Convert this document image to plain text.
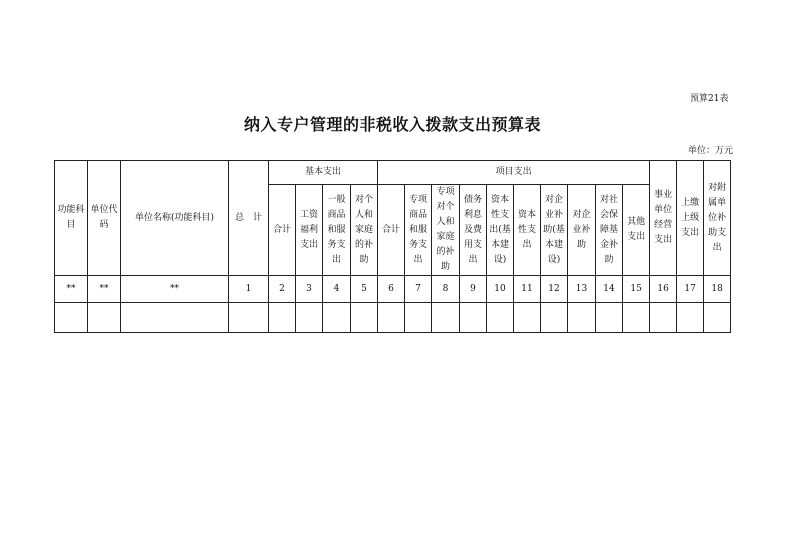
预算21表
纳入专户管理的非税收入拨款支出预算表
单位：万元
功能科目	单位代码	单位名称(功能科目)	总　计	基本支出				项目支出										事业单位经营支出	上缴上级支出	对附属单位补助支出
				合计	工资福利支出	一般商品和服务支出	对个人和家庭的补助	合计	专项商品和服务支出	专项对个人和家庭的补助	债务利息及费用支出	资本性支出(基本建设)	资本性支出	对企业补助(基本建设)	对企业补助	对社会保障基金补助	其他支出			
**	**	**	1	2	3	4	5	6	7	8	9	10	11	12	13	14	15	16	17	18
